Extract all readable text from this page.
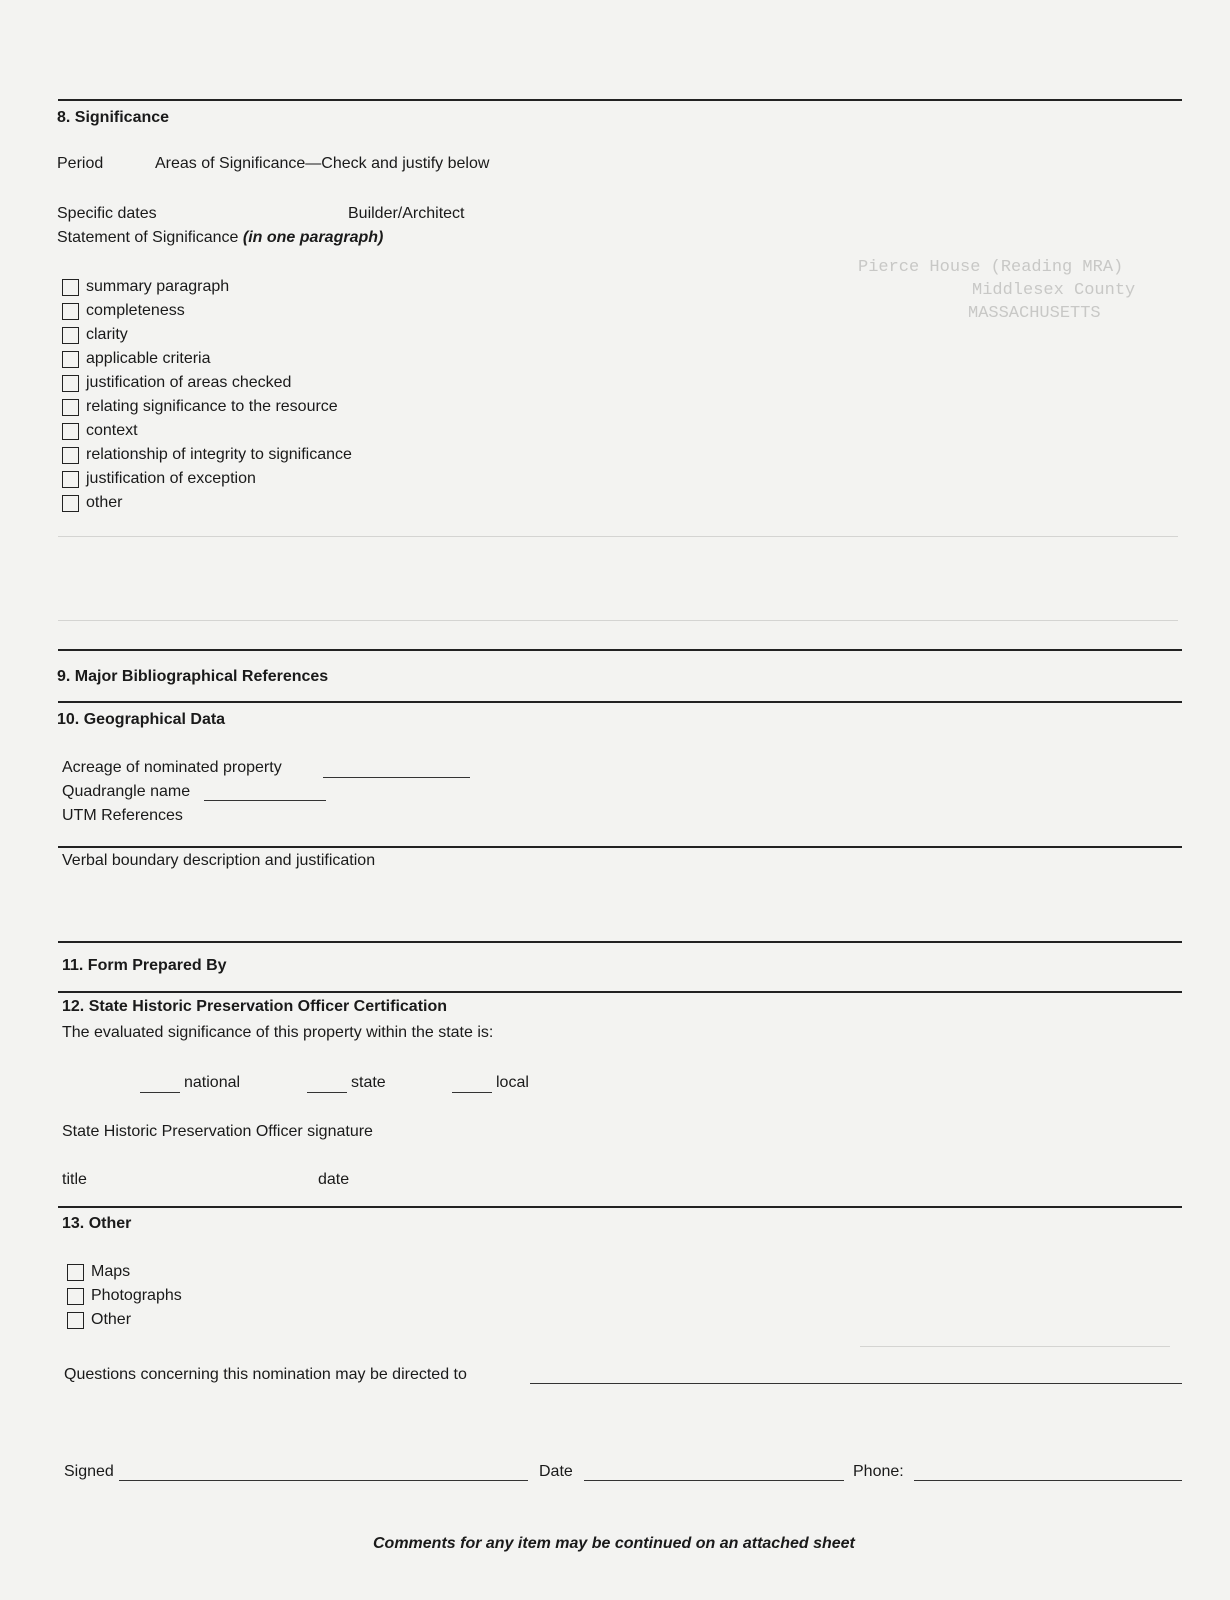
Pierce House (Reading MRA)
Middlesex County
MASSACHUSETTS
8. Significance
Period	Areas of Significance—Check and justify below
Specific dates	Builder/Architect
Statement of Significance (in one paragraph)
summary paragraph
completeness
clarity
applicable criteria
justification of areas checked
relating significance to the resource
context
relationship of integrity to significance
justification of exception
other
9. Major Bibliographical References
10. Geographical Data
Acreage of nominated property
Quadrangle name
UTM References
Verbal boundary description and justification
11. Form Prepared By
12. State Historic Preservation Officer Certification
The evaluated significance of this property within the state is:
national	state	local
State Historic Preservation Officer signature
title	date
13. Other
Maps
Photographs
Other
Questions concerning this nomination may be directed to
Signed	Date	Phone:
Comments for any item may be continued on an attached sheet
